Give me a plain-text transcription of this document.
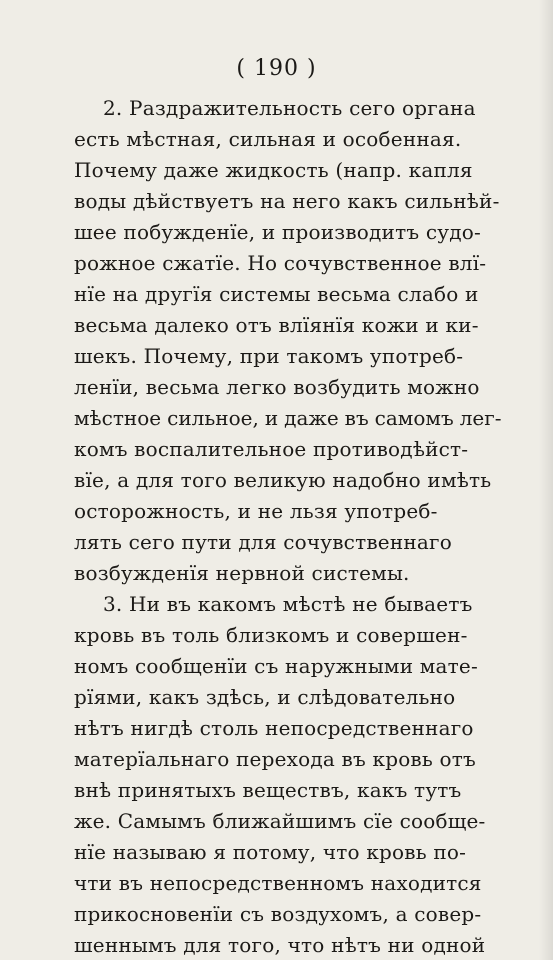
( 190 )
2. Раздражительность сего органа
есть мѣстная, сильная и особенная.
Почему даже жидкость (напр. капля
воды дѣйствуетъ на него какъ сильнѣй-
шее побужденїе, и производитъ судо-
рожное сжатїе. Но сочувственное влї-
нїе на другїя системы весьма слабо и
весьма далеко отъ влїянїя кожи и ки-
шекъ. Почему, при такомъ употреб-
ленїи, весьма легко возбудить можно
мѣстное сильное, и даже въ самомъ лег-
комъ воспалительное противодѣйст-
вїе, а для того великую надобно имѣть
осторожность, и не льзя употреб-
лять сего пути для сочувственнаго
возбужденїя нервной системы.
3. Ни въ какомъ мѣстѣ не бываетъ
кровь въ толь близкомъ и совершен-
номъ сообщенїи съ наружными мате-
рїями, какъ здѣсь, и слѣдовательно
нѣтъ нигдѣ столь непосредственнаго
матерїальнаго перехода въ кровь отъ
внѣ принятыхъ веществъ, какъ тутъ
же. Самымъ ближайшимъ сїе сообще-
нїе называю я потому, что кровь по-
чти въ непосредственномъ находится
прикосновенїи съ воздухомъ, а совер-
шеннымъ для того, что нѣтъ ни одной
